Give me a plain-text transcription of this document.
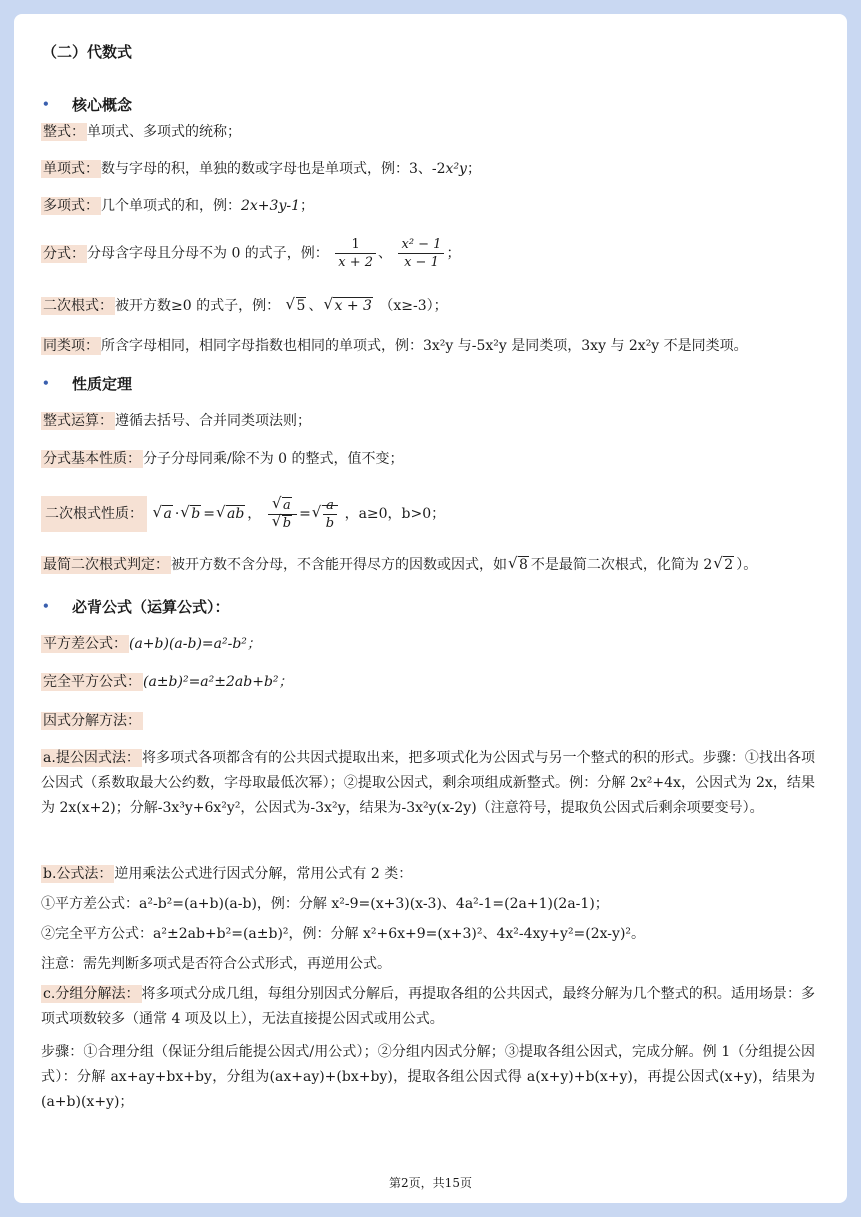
（二）代数式
• 核心概念
整式： 单项式、多项式的统称；
单项式： 数与字母的积，单独的数或字母也是单项式，例：3、-2x²y；
多项式： 几个单项式的和，例：2x+3y-1；
分式： 分母含字母且分母不为 0 的式子，例： $\frac{1}{x + 2}$ 、 $\frac{\text{x² − 1}}{x - 1}$ ；
二次根式： 被开方数≥0 的式子，例： √ 5 、 √ x + 3 （x≥-3）；
同类项： 所含字母相同，相同字母指数也相同的单项式，例：3x²y 与-5x²y 是同类项，3xy 与 2x²y 不是同类项。
• 性质定理
整式运算： 遵循去括号、合并同类项法则；
分式基本性质： 分子分母同乘/除不为 0 的整式，值不变；
二次根式性质： √ a · √ b = √ ab ， √ a
√ b = √ $\frac{a}{b}$ ，a≥0，b>0；
最简二次根式判定： 被开方数不含分母，不含能开得尽方的因数或因式，如 √ 8 不是最简二次根式，化简为 2 √ 2 ）。
• 必背公式（运算公式）：
平方差公式： (a+b)(a-b)=a²-b²；
完全平方公式： (a±b)²=a²±2ab+b²；
因式分解方法：
a.提公因式法： 将多项式各项都含有的公共因式提取出来，把多项式化为公因式与另一个整式的积的形式。步骤：①找出各项公因式（系数取最大公约数，字母取最低次幂）；②提取公因式，剩余项组成新整式。例：分解 2x²+4x，公因式为 2x，结果为 2x(x+2)；分解-3x³y+6x²y²，公因式为-3x²y，结果为-3x²y(x-2y)（注意符号，提取负公因式后剩余项要变号）。
b.公式法： 逆用乘法公式进行因式分解，常用公式有 2 类：
①平方差公式：a²-b²=(a+b)(a-b)，例：分解 x²-9=(x+3)(x-3)、4a²-1=(2a+1)(2a-1)；
②完全平方公式：a²±2ab+b²=(a±b)²，例：分解 x²+6x+9=(x+3)²、4x²-4xy+y²=(2x-y)²。
注意：需先判断多项式是否符合公式形式，再逆用公式。
c.分组分解法： 将多项式分成几组，每组分别因式分解后，再提取各组的公共因式，最终分解为几个整式的积。适用场景：多项式项数较多（通常 4 项及以上），无法直接提公因式或用公式。
步骤：①合理分组（保证分组后能提公因式/用公式）；②分组内因式分解；③提取各组公因式，完成分解。例 1（分组提公因式）：分解 ax+ay+bx+by，分组为(ax+ay)+(bx+by)，提取各组公因式得 a(x+y)+b(x+y)，再提公因式(x+y)，结果为(a+b)(x+y)；
第2页，共15页
